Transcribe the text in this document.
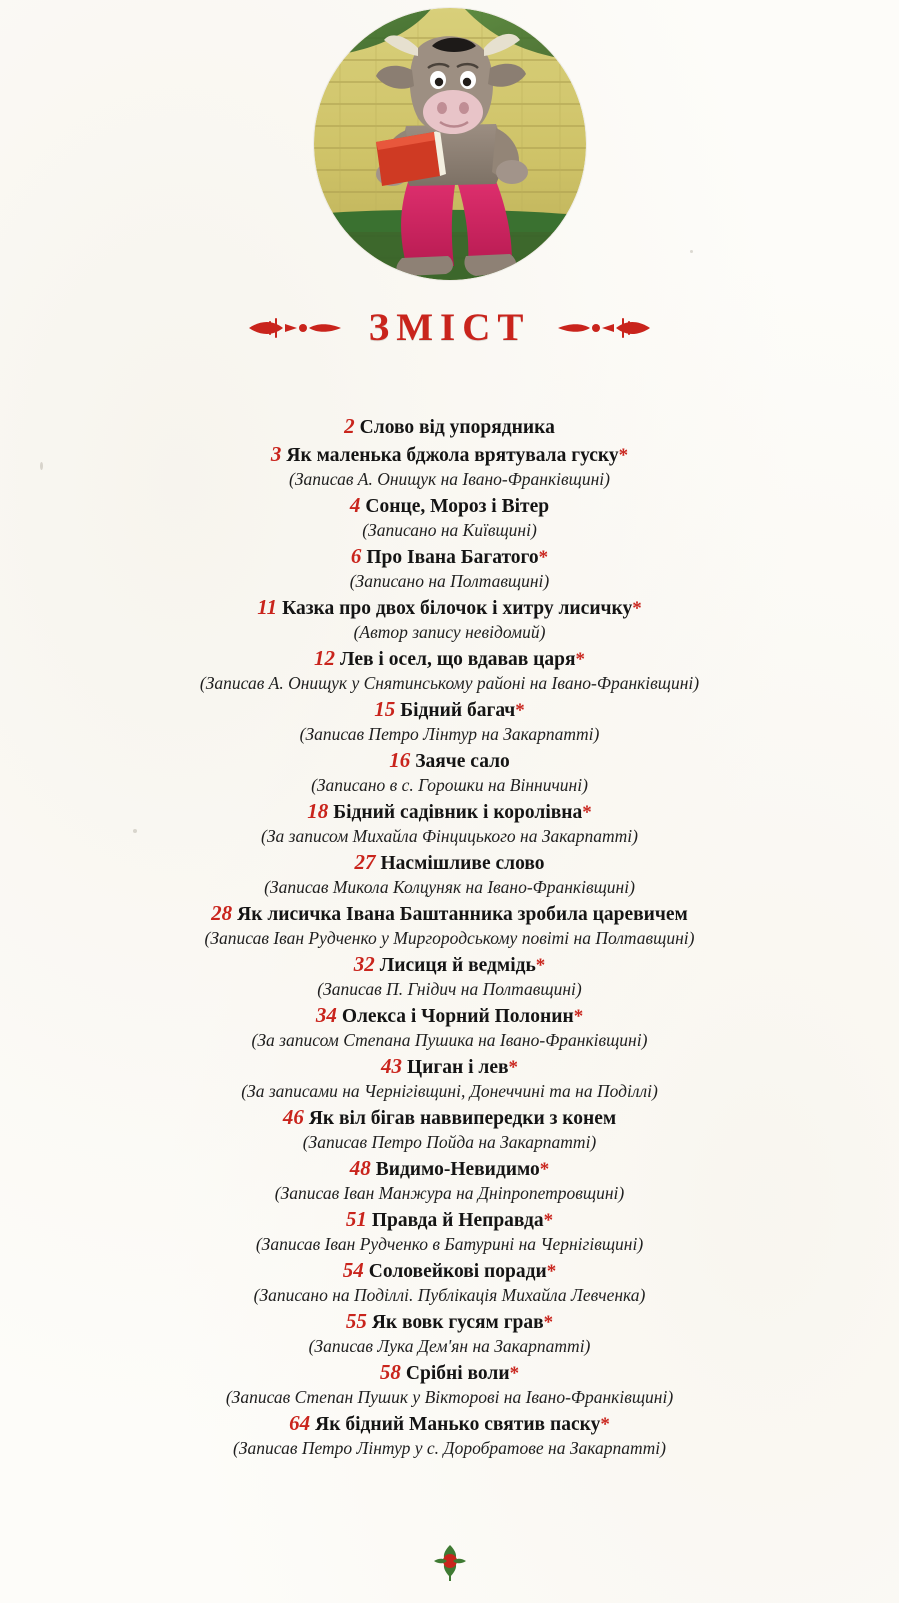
ЗМІСТ
2 Слово від упорядника
3 Як маленька бджола врятувала гуску*
(Записав А. Онищук на Івано-Франківщині)
4 Сонце, Мороз і Вітер
(Записано на Київщині)
6 Про Івана Багатого*
(Записано на Полтавщині)
11 Казка про двох білочок і хитру лисичку*
(Автор запису невідомий)
12 Лев і осел, що вдавав царя*
(Записав А. Онищук у Снятинському районі на Івано-Франківщині)
15 Бідний багач*
(Записав Петро Лінтур на Закарпатті)
16 Заяче сало
(Записано в с. Горошки на Вінничині)
18 Бідний садівник і королівна*
(За записом Михайла Фінцицького на Закарпатті)
27 Насмішливе слово
(Записав Микола Колцуняк на Івано-Франківщині)
28 Як лисичка Івана Баштанника зробила царевичем
(Записав Іван Рудченко у Миргородському повіті на Полтавщині)
32 Лисиця й ведмідь*
(Записав П. Гнідич на Полтавщині)
34 Олекса і Чорний Полонин*
(За записом Степана Пушика на Івано-Франківщині)
43 Циган і лев*
(За записами на Чернігівщині, Донеччині та на Поділлі)
46 Як віл бігав наввипередки з конем
(Записав Петро Пойда на Закарпатті)
48 Видимо-Невидимо*
(Записав Іван Манжура на Дніпропетровщині)
51 Правда й Неправда*
(Записав Іван Рудченко в Батурині на Чернігівщині)
54 Соловейкові поради*
(Записано на Поділлі. Публікація Михайла Левченка)
55 Як вовк гусям грав*
(Записав Лука Дем'ян на Закарпатті)
58 Срібні воли*
(Записав Степан Пушик у Вікторові на Івано-Франківщині)
64 Як бідний Манько святив паску*
(Записав Петро Лінтур у с. Доробратове на Закарпатті)
